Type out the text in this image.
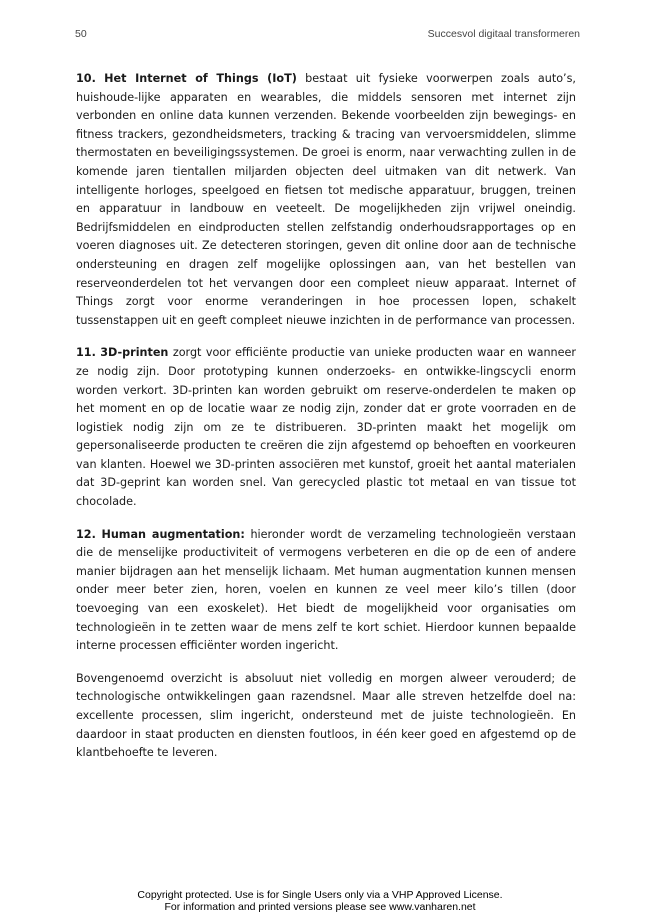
50	Succesvol digitaal transformeren
10. Het Internet of Things (IoT) bestaat uit fysieke voorwerpen zoals auto’s, huishoude-lijke apparaten en wearables, die middels sensoren met internet zijn verbonden en online data kunnen verzenden. Bekende voorbeelden zijn bewegings- en fitness trackers, gezondheidsmeters, tracking & tracing van vervoersmiddelen, slimme thermostaten en beveiligingssystemen. De groei is enorm, naar verwachting zullen in de komende jaren tientallen miljarden objecten deel uitmaken van dit netwerk. Van intelligente horloges, speelgoed en fietsen tot medische apparatuur, bruggen, treinen en apparatuur in landbouw en veeteelt. De mogelijkheden zijn vrijwel oneindig. Bedrijfsmiddelen en eindproducten stellen zelfstandig onderhoudsrapportages op en voeren diagnoses uit. Ze detecteren storingen, geven dit online door aan de technische ondersteuning en dragen zelf mogelijke oplossingen aan, van het bestellen van reserveonderdelen tot het vervangen door een compleet nieuw apparaat. Internet of Things zorgt voor enorme veranderingen in hoe processen lopen, schakelt tussenstappen uit en geeft compleet nieuwe inzichten in de performance van processen.
11. 3D-printen zorgt voor efficiënte productie van unieke producten waar en wanneer ze nodig zijn. Door prototyping kunnen onderzoeks- en ontwikke-lingscycli enorm worden verkort. 3D-printen kan worden gebruikt om reserve-onderdelen te maken op het moment en op de locatie waar ze nodig zijn, zonder dat er grote voorraden en de logistiek nodig zijn om ze te distribueren. 3D-printen maakt het mogelijk om gepersonaliseerde producten te creëren die zijn afgestemd op behoeften en voorkeuren van klanten. Hoewel we 3D-printen associëren met kunstof, groeit het aantal materialen dat 3D-geprint kan worden snel. Van gerecycled plastic tot metaal en van tissue tot chocolade.
12. Human augmentation: hieronder wordt de verzameling technologieën verstaan die de menselijke productiviteit of vermogens verbeteren en die op de een of andere manier bijdragen aan het menselijk lichaam. Met human augmentation kunnen mensen onder meer beter zien, horen, voelen en kunnen ze veel meer kilo’s tillen (door toevoeging van een exoskelet). Het biedt de mogelijkheid voor organisaties om technologieën in te zetten waar de mens zelf te kort schiet. Hierdoor kunnen bepaalde interne processen efficiënter worden ingericht.

Bovengenoemd overzicht is absoluut niet volledig en morgen alweer verouderd; de technologische ontwikkelingen gaan razendsnel. Maar alle streven hetzelfde doel na: excellente processen, slim ingericht, ondersteund met de juiste technologieën. En daardoor in staat producten en diensten foutloos, in één keer goed en afgestemd op de klantbehoefte te leveren.

Copyright protected. Use is for Single Users only via a VHP Approved License.
For information and printed versions please see www.vanharen.net
